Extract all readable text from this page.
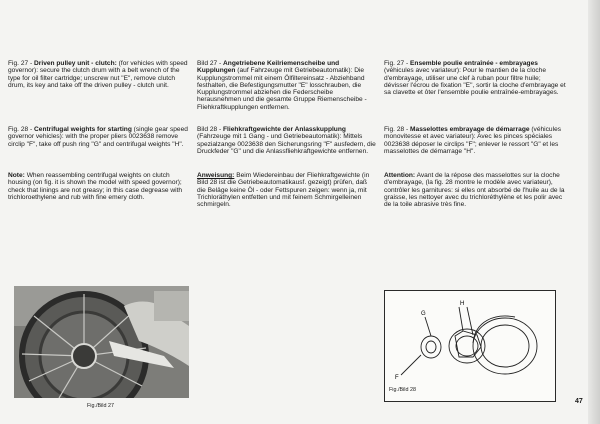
Fig. 27 - Driven pulley unit - clutch: (for vehicles with speed governor): secure the clutch drum with a belt wrench of the type for oil filter cartridge; unscrew nut "E", remove clutch drum, its key and take off the driven pulley - clutch unit.

Fig. 28 - Centrifugal weights for starting (single gear speed governor vehicles): with the proper pliers 0023638 remove circlip "F", take off push ring "G" and centrifugal weights "H".

Note: When reassembling centrifugal weights on clutch housing (on fig. it is shown the model with speed governor); check that linings are not greasy; in this case degrease with trichloroethylene and rub with fine emery cloth.

Bild 27 - Angetriebene Keilriemenscheibe und Kupplungen (auf Fahrzeuge mit Getriebeautomatik): Die Kupplungstrommel mit einem Ölfiltereinsatz - Abziehband festhalten, die Befestigungsmutter "E" losschrauben, die Kupplungstrommel abziehen die Federscheibe herausnehmen und die gesamte Gruppe Riemenscheibe - Fliehkraftkupplungen entfernen.

Bild 28 - Fliehkraftgewichte der Anlasskupplung (Fahrzeuge mit 1 Gang - und Getriebeautomatik): Mittels spezialzange 0023638 den Sicherungsring "F" ausfedern, die Druckfeder "G" und die Anlassfliehkraftgewichte entfernen.

Anweisung: Beim Wiedereinbau der Fliehkraftgewichte (in Bild 28 ist die Getriebeautomatikausf. gezeigt) prüfen, daß die Beläge keine Öl - oder Fettspuren zeigen: wenn ja, mit Trichloräthylen entfetten und mit feinem Schmirgelleinen schmirgeln.

Fig. 27 - Ensemble poulie entraînée - embrayages (véhicules avec variateur): Pour le mantien de la cloche d'embrayage, utiliser une clef à ruban pour filtre huile; dévisser l'écrou de fixation "E", sortir la cloche d'embrayage et sa clavette et ôter l'ensemble poulie entraînée-embrayages.

Fig. 28 - Masselottes embrayage de démarrage (véhicules monovitesse et avec variateur): Avec les pinces spéciales 0023638 déposer le circlips "F"; enlever le ressort "G" et les masselottes de démarrage "H".

Attention: Avant de la répose des masselottes sur la cloche d'embrayage, (la fig. 28 montre le modèle avec variateur), contrôler les garnitures: si elles ont absorbé de l'huile au de la graisse, les nettoyer avec du trichloréthylène et les polir avec de la toile abrasive très fine.

Fig./Bild 27
G
H
F
Fig./Bild 28
47
